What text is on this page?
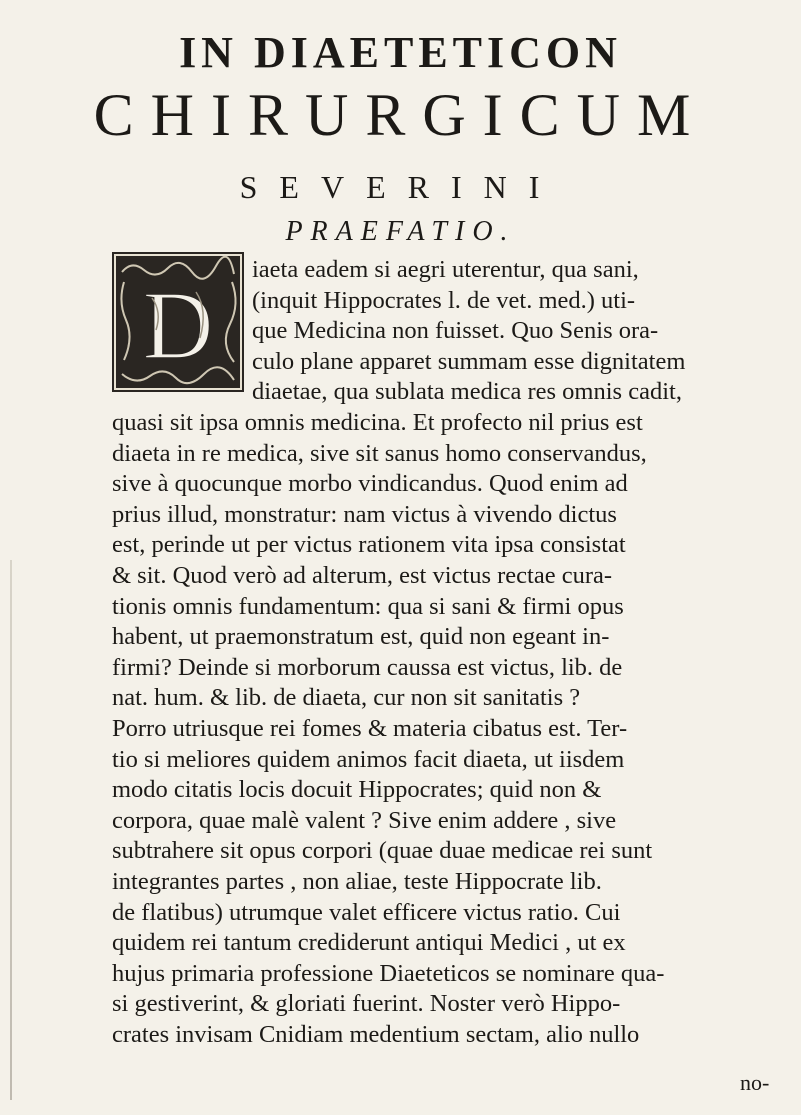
IN DIAETETICON
CHIRURGICUM
SEVERINI
PRAEFATIO.
D
iaeta eadem si aegri uterentur, qua sani,
(inquit Hippocrates l. de vet. med.) uti-
que Medicina non fuisset. Quo Senis ora-
culo plane apparet summam esse dignitatem
diaetae, qua sublata medica res omnis cadit,
quasi sit ipsa omnis medicina. Et profecto nil prius est
diaeta in re medica, sive sit sanus homo conservandus,
sive à quocunque morbo vindicandus. Quod enim ad
prius illud, monstratur: nam victus à vivendo dictus
est, perinde ut per victus rationem vita ipsa consistat
& sit. Quod verò ad alterum, est victus rectae cura-
tionis omnis fundamentum: qua si sani & firmi opus
habent, ut praemonstratum est, quid non egeant in-
firmi? Deinde si morborum caussa est victus, lib. de
nat. hum. & lib. de diaeta, cur non sit sanitatis ?
Porro utriusque rei fomes & materia cibatus est. Ter-
tio si meliores quidem animos facit diaeta, ut iisdem
modo citatis locis docuit Hippocrates; quid non &
corpora, quae malè valent ? Sive enim addere , sive
subtrahere sit opus corpori (quae duae medicae rei sunt
integrantes partes , non aliae, teste Hippocrate lib.
de flatibus) utrumque valet efficere victus ratio. Cui
quidem rei tantum crediderunt antiqui Medici , ut ex
hujus primaria professione Diaeteticos se nominare qua-
si gestiverint, & gloriati fuerint. Noster verò Hippo-
crates invisam Cnidiam medentium sectam, alio nullo
no-
